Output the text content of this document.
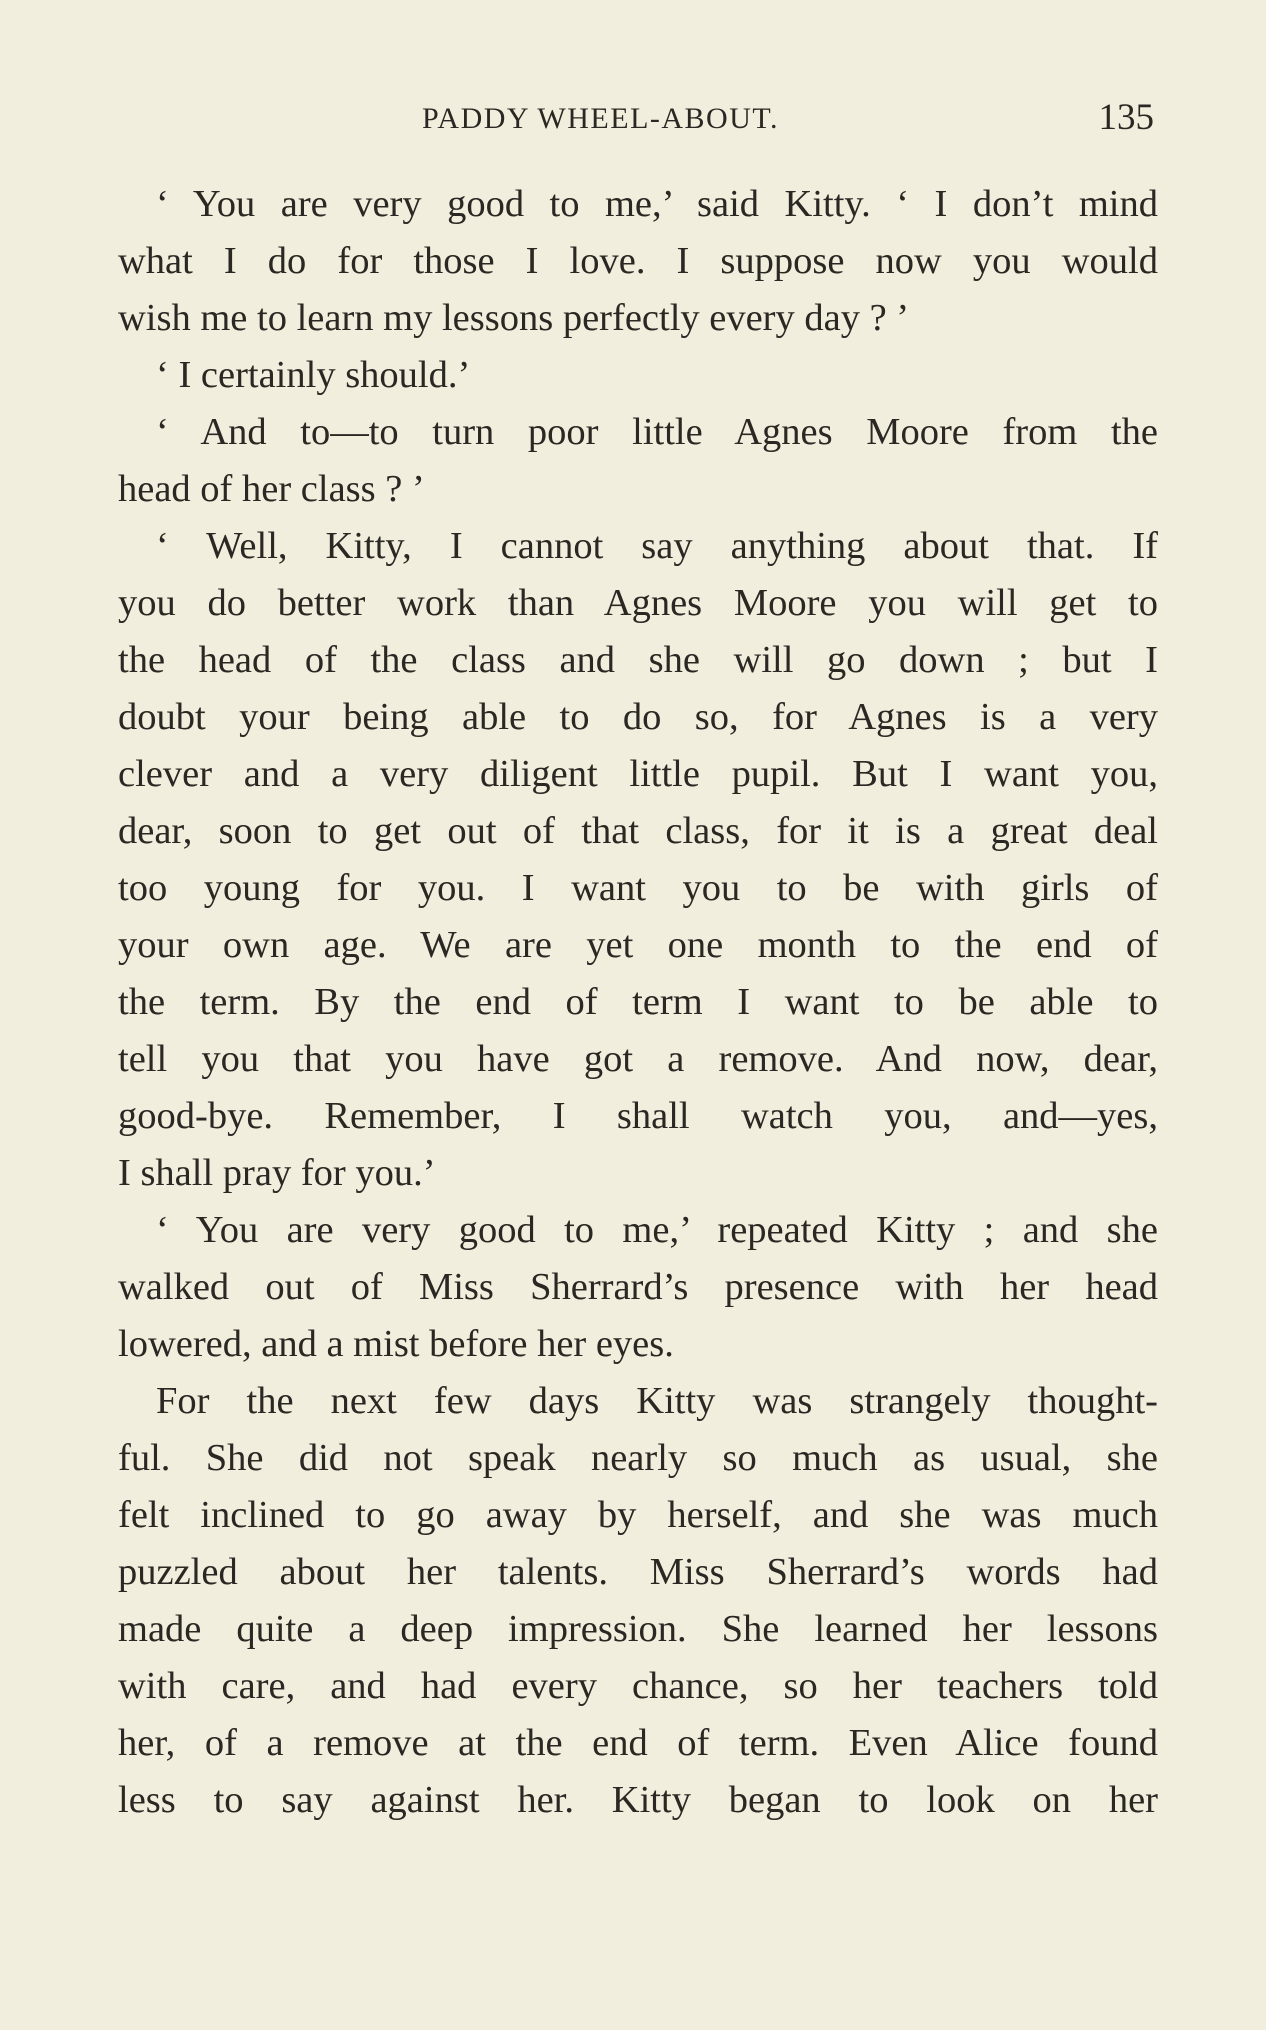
PADDY WHEEL-ABOUT.	135
‘ You are very good to me,’ said Kitty. ‘ I don’t mind
what I do for those I love. I suppose now you would
wish me to learn my lessons perfectly every day ? ’
‘ I certainly should.’
‘ And to—to turn poor little Agnes Moore from the
head of her class ? ’
‘ Well, Kitty, I cannot say anything about that. If
you do better work than Agnes Moore you will get to
the head of the class and she will go down ; but I
doubt your being able to do so, for Agnes is a very
clever and a very diligent little pupil. But I want you,
dear, soon to get out of that class, for it is a great deal
too young for you. I want you to be with girls of
your own age. We are yet one month to the end of
the term. By the end of term I want to be able to
tell you that you have got a remove. And now, dear,
good-bye. Remember, I shall watch you, and—yes,
I shall pray for you.’
‘ You are very good to me,’ repeated Kitty ; and she
walked out of Miss Sherrard’s presence with her head
lowered, and a mist before her eyes.
For the next few days Kitty was strangely thought-
ful. She did not speak nearly so much as usual, she
felt inclined to go away by herself, and she was much
puzzled about her talents. Miss Sherrard’s words had
made quite a deep impression. She learned her lessons
with care, and had every chance, so her teachers told
her, of a remove at the end of term. Even Alice found
less to say against her. Kitty began to look on her
